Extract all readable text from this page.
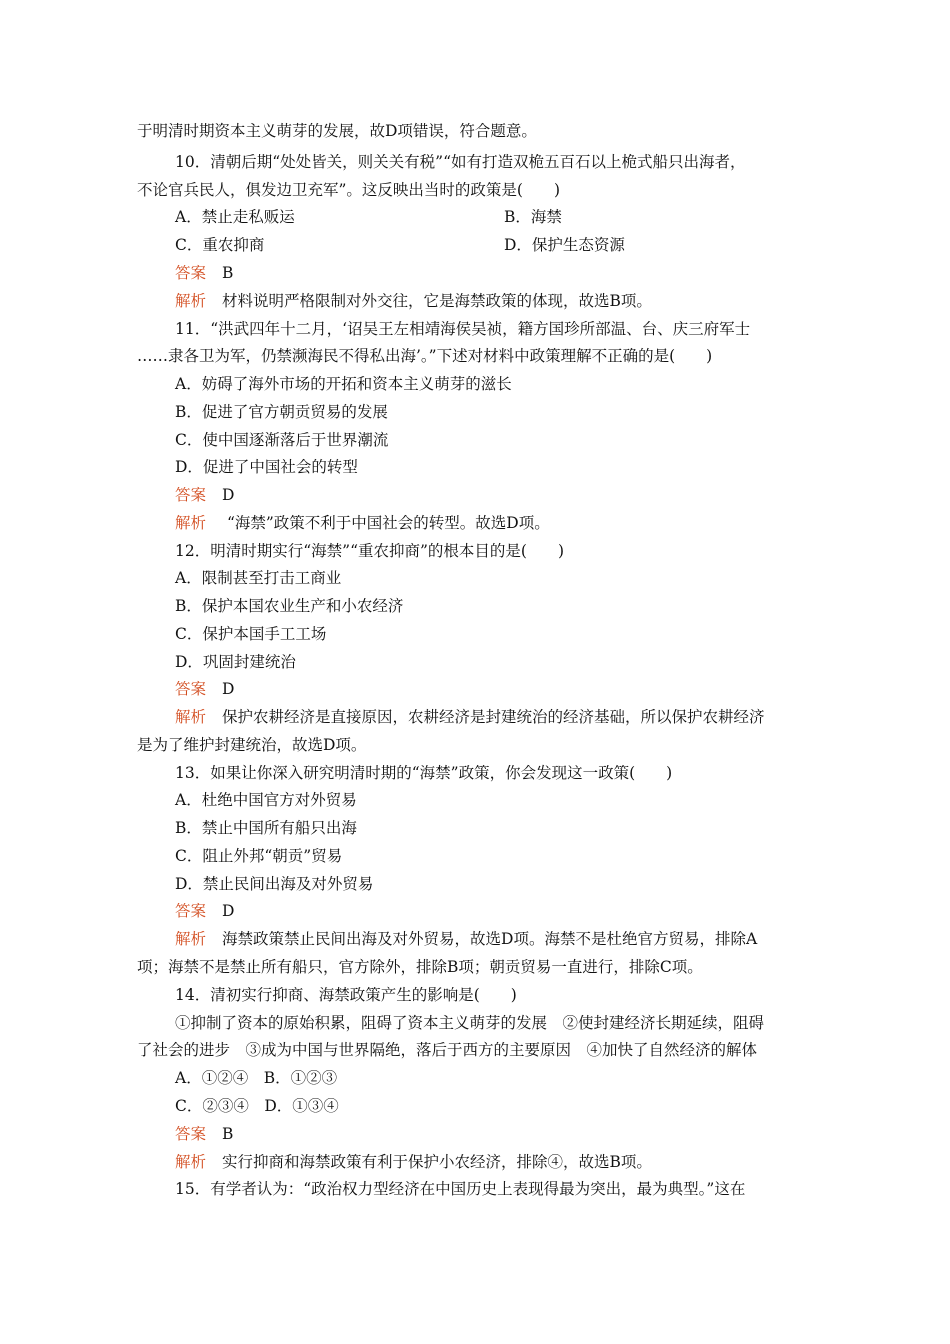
于明清时期资本主义萌芽的发展，故D项错误，符合题意。
10．清朝后期“处处皆关，则关关有税”“如有打造双桅五百石以上桅式船只出海者，
不论官兵民人，俱发边卫充军”。这反映出当时的政策是(　　)
A．禁止走私贩运	B．海禁
C．重农抑商	D．保护生态资源
答案 B
解析 材料说明严格限制对外交往，它是海禁政策的体现，故选B项。
11．“洪武四年十二月，‘诏吴王左相靖海侯吴祯，籍方国珍所部温、台、庆三府军士
……隶各卫为军，仍禁濒海民不得私出海’。”下述对材料中政策理解不正确的是(　　)
A．妨碍了海外市场的开拓和资本主义萌芽的滋长
B．促进了官方朝贡贸易的发展
C．使中国逐渐落后于世界潮流
D．促进了中国社会的转型
答案 D
解析 “海禁”政策不利于中国社会的转型。故选D项。
12．明清时期实行“海禁”“重农抑商”的根本目的是(　　)
A．限制甚至打击工商业
B．保护本国农业生产和小农经济
C．保护本国手工工场
D．巩固封建统治
答案 D
解析 保护农耕经济是直接原因，农耕经济是封建统治的经济基础，所以保护农耕经济
是为了维护封建统治，故选D项。
13．如果让你深入研究明清时期的“海禁”政策，你会发现这一政策(　　)
A．杜绝中国官方对外贸易
B．禁止中国所有船只出海
C．阻止外邦“朝贡”贸易
D．禁止民间出海及对外贸易
答案 D
解析 海禁政策禁止民间出海及对外贸易，故选D项。海禁不是杜绝官方贸易，排除A
项；海禁不是禁止所有船只，官方除外，排除B项；朝贡贸易一直进行，排除C项。
14．清初实行抑商、海禁政策产生的影响是(　　)
①抑制了资本的原始积累，阻碍了资本主义萌芽的发展　②使封建经济长期延续，阻碍
了社会的进步　③成为中国与世界隔绝，落后于西方的主要原因　④加快了自然经济的解体
A．①②④　B．①②③
C．②③④　D．①③④
答案 B
解析 实行抑商和海禁政策有利于保护小农经济，排除④，故选B项。
15．有学者认为：“政治权力型经济在中国历史上表现得最为突出，最为典型。”这在
